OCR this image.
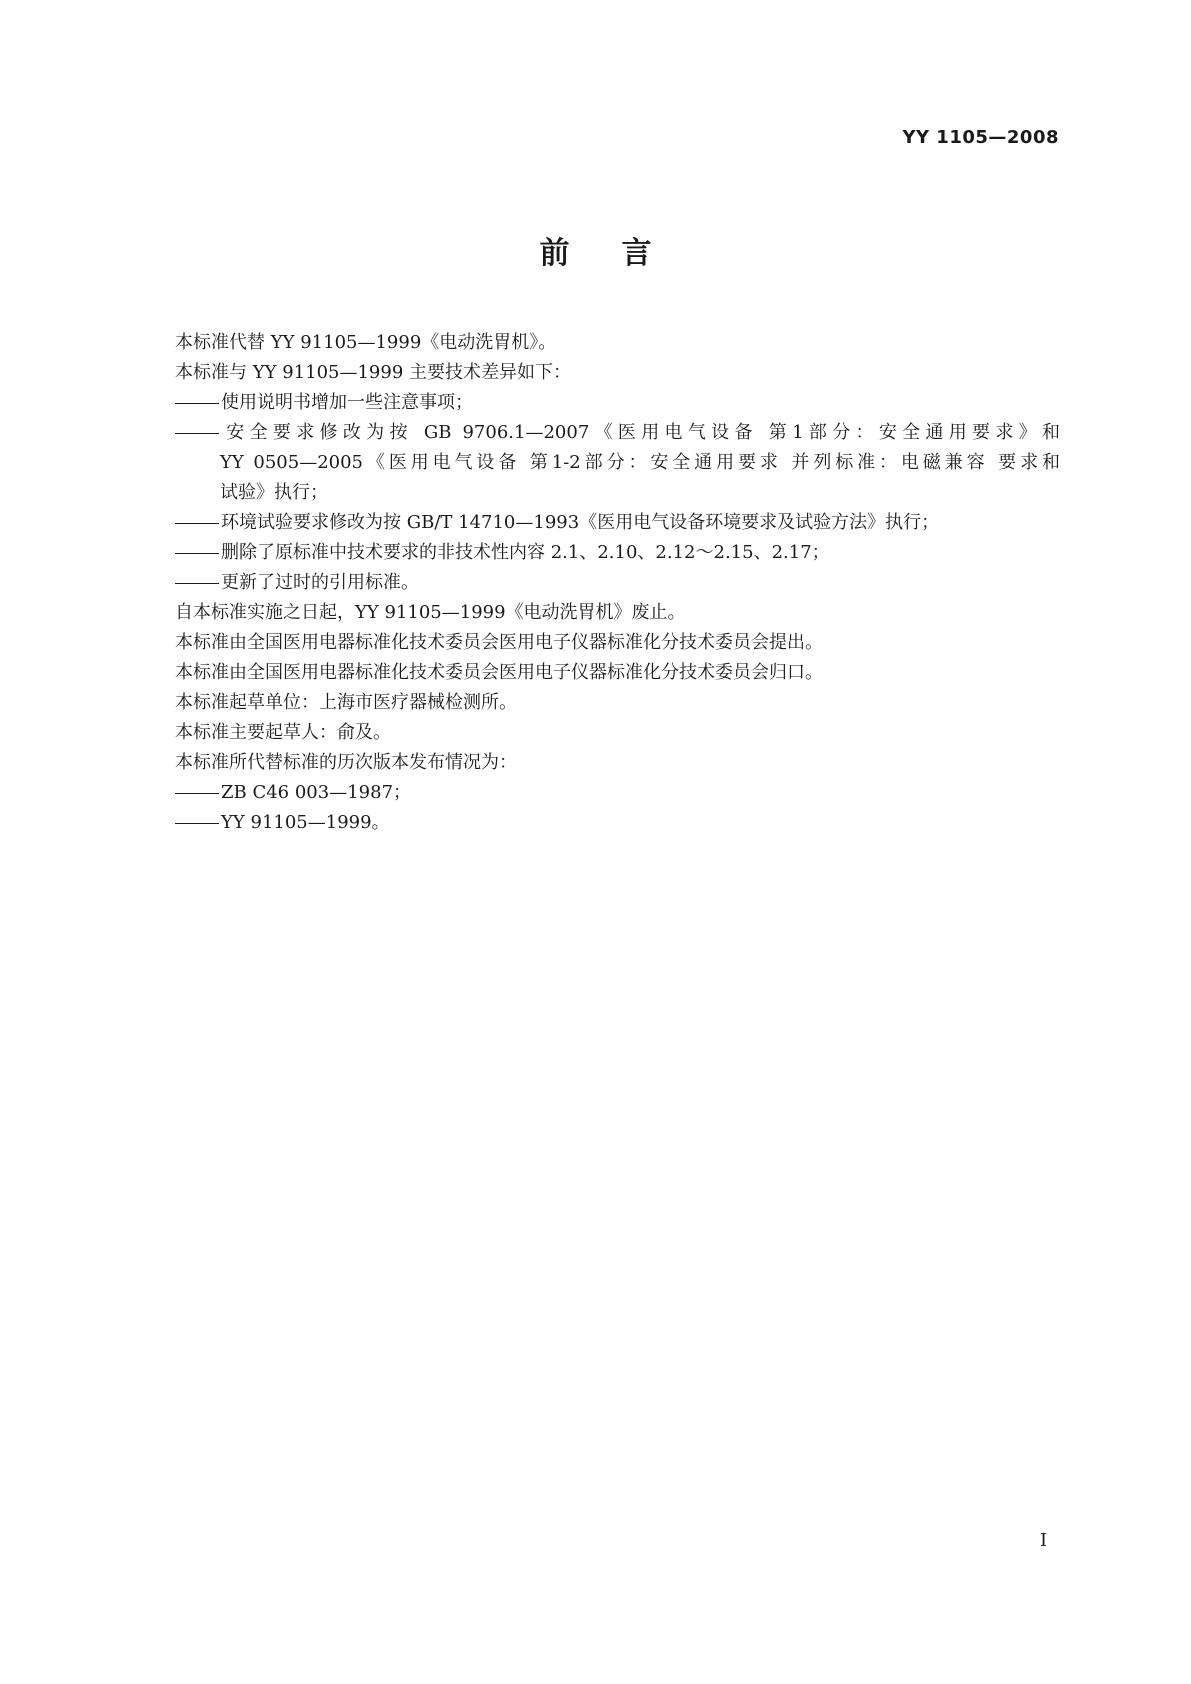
YY 1105—2008
前言
本标准代替 YY 91105—1999《电动洗胃机》。
本标准与 YY 91105—1999 主要技术差异如下：
使用说明书增加一些注意事项；
安全要求修改为按 GB 9706.1—2007《医用电气设备 第1部分：安全通用要求》和
YY 0505—2005《医用电气设备 第1-2部分：安全通用要求 并列标准：电磁兼容 要求和
试验》执行；
环境试验要求修改为按 GB/T 14710—1993《医用电气设备环境要求及试验方法》执行；
删除了原标准中技术要求的非技术性内容 2.1、2.10、2.12～2.15、2.17；
更新了过时的引用标准。
自本标准实施之日起，YY 91105—1999《电动洗胃机》废止。
本标准由全国医用电器标准化技术委员会医用电子仪器标准化分技术委员会提出。
本标准由全国医用电器标准化技术委员会医用电子仪器标准化分技术委员会归口。
本标准起草单位：上海市医疗器械检测所。
本标准主要起草人：俞及。
本标准所代替标准的历次版本发布情况为：
ZB C46 003—1987；
YY 91105—1999。
I
